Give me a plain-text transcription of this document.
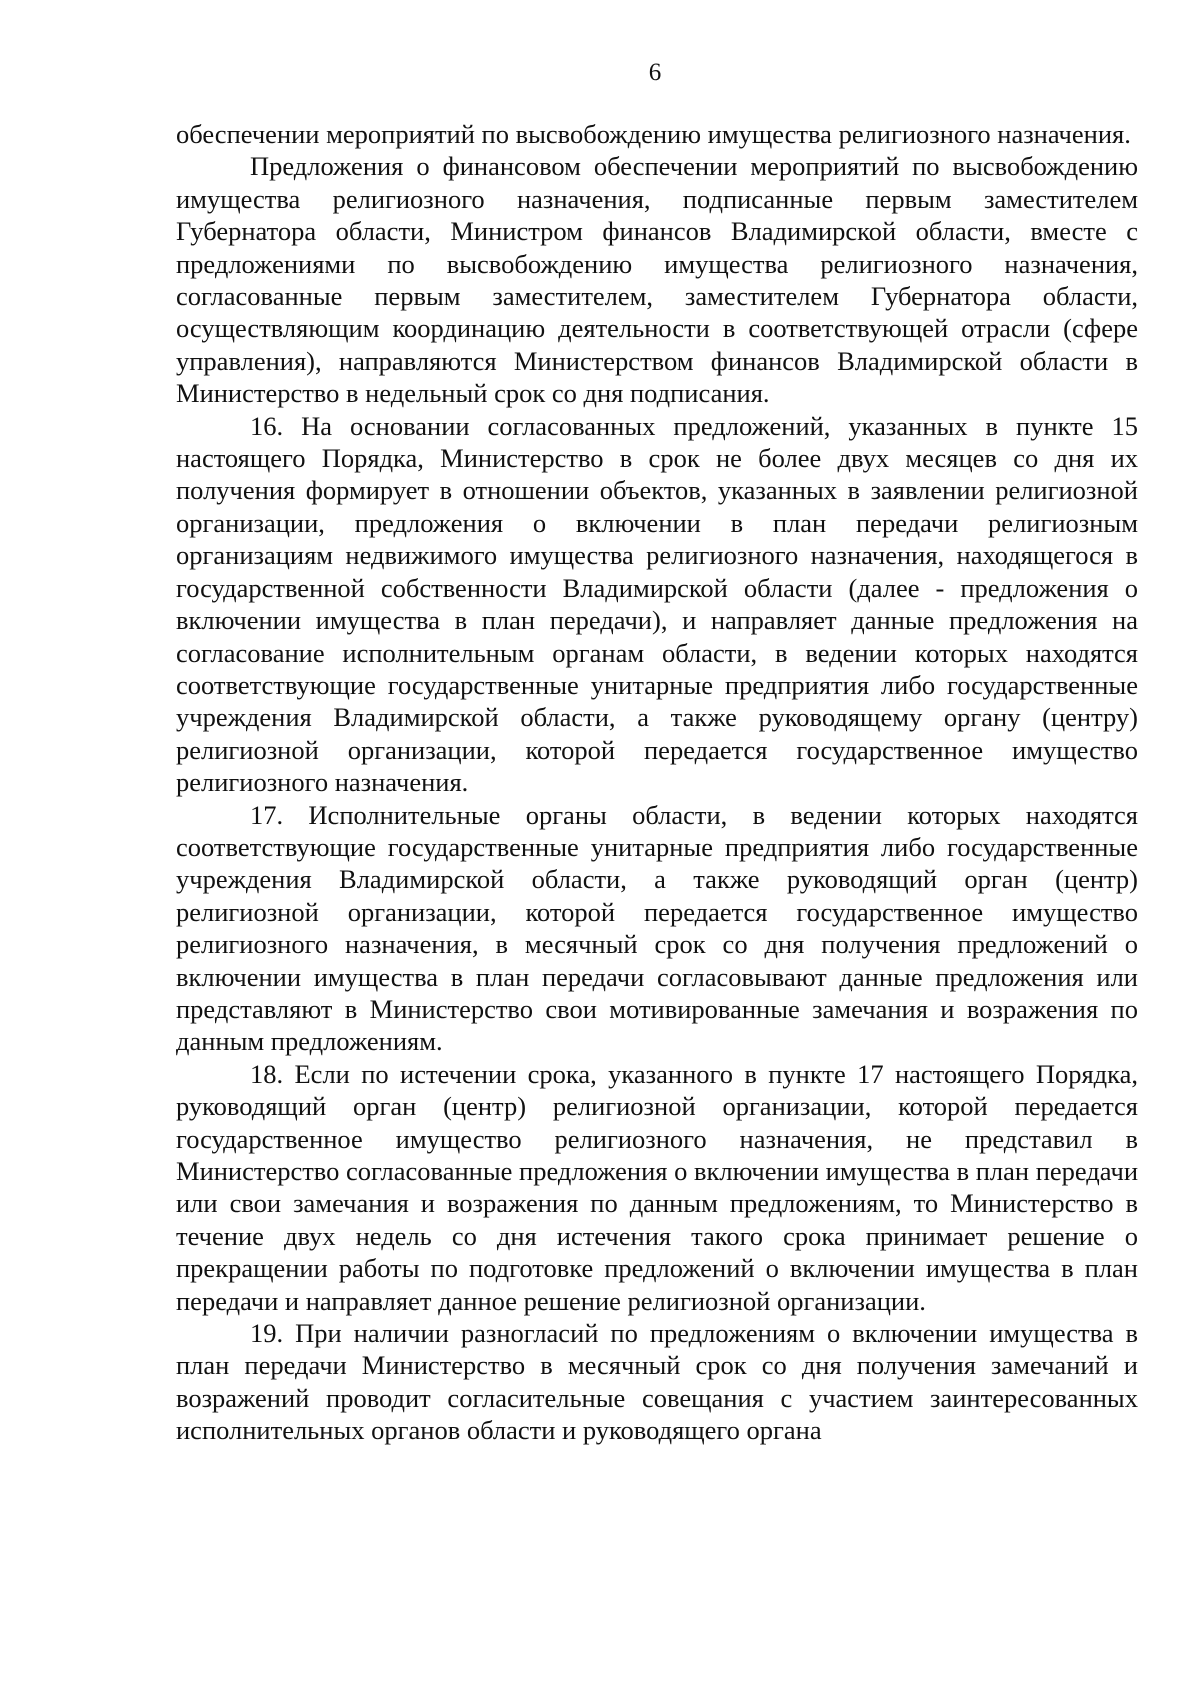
6

обеспечении мероприятий по высвобождению имущества религиозного назначения.

Предложения о финансовом обеспечении мероприятий по высвобождению имущества религиозного назначения, подписанные первым заместителем Губернатора области, Министром финансов Владимирской области, вместе с предложениями по высвобождению имущества религиозного назначения, согласованные первым заместителем, заместителем Губернатора области, осуществляющим координацию деятельности в соответствующей отрасли (сфере управления), направляются Министерством финансов Владимирской области в Министерство в недельный срок со дня подписания.

16. На основании согласованных предложений, указанных в пункте 15 настоящего Порядка, Министерство в срок не более двух месяцев со дня их получения формирует в отношении объектов, указанных в заявлении религиозной организации, предложения о включении в план передачи религиозным организациям недвижимого имущества религиозного назначения, находящегося в государственной собственности Владимирской области (далее - предложения о включении имущества в план передачи), и направляет данные предложения на согласование исполнительным органам области, в ведении которых находятся соответствующие государственные унитарные предприятия либо государственные учреждения Владимирской области, а также руководящему органу (центру) религиозной организации, которой передается государственное имущество религиозного назначения.

17. Исполнительные органы области, в ведении которых находятся соответствующие государственные унитарные предприятия либо государственные учреждения Владимирской области, а также руководящий орган (центр) религиозной организации, которой передается государственное имущество религиозного назначения, в месячный срок со дня получения предложений о включении имущества в план передачи согласовывают данные предложения или представляют в Министерство свои мотивированные замечания и возражения по данным предложениям.

18. Если по истечении срока, указанного в пункте 17 настоящего Порядка, руководящий орган (центр) религиозной организации, которой передается государственное имущество религиозного назначения, не представил в Министерство согласованные предложения о включении имущества в план передачи или свои замечания и возражения по данным предложениям, то Министерство в течение двух недель со дня истечения такого срока принимает решение о прекращении работы по подготовке предложений о включении имущества в план передачи и направляет данное решение религиозной организации.

19. При наличии разногласий по предложениям о включении имущества в план передачи Министерство в месячный срок со дня получения замечаний и возражений проводит согласительные совещания с участием заинтересованных исполнительных органов области и руководящего органа
